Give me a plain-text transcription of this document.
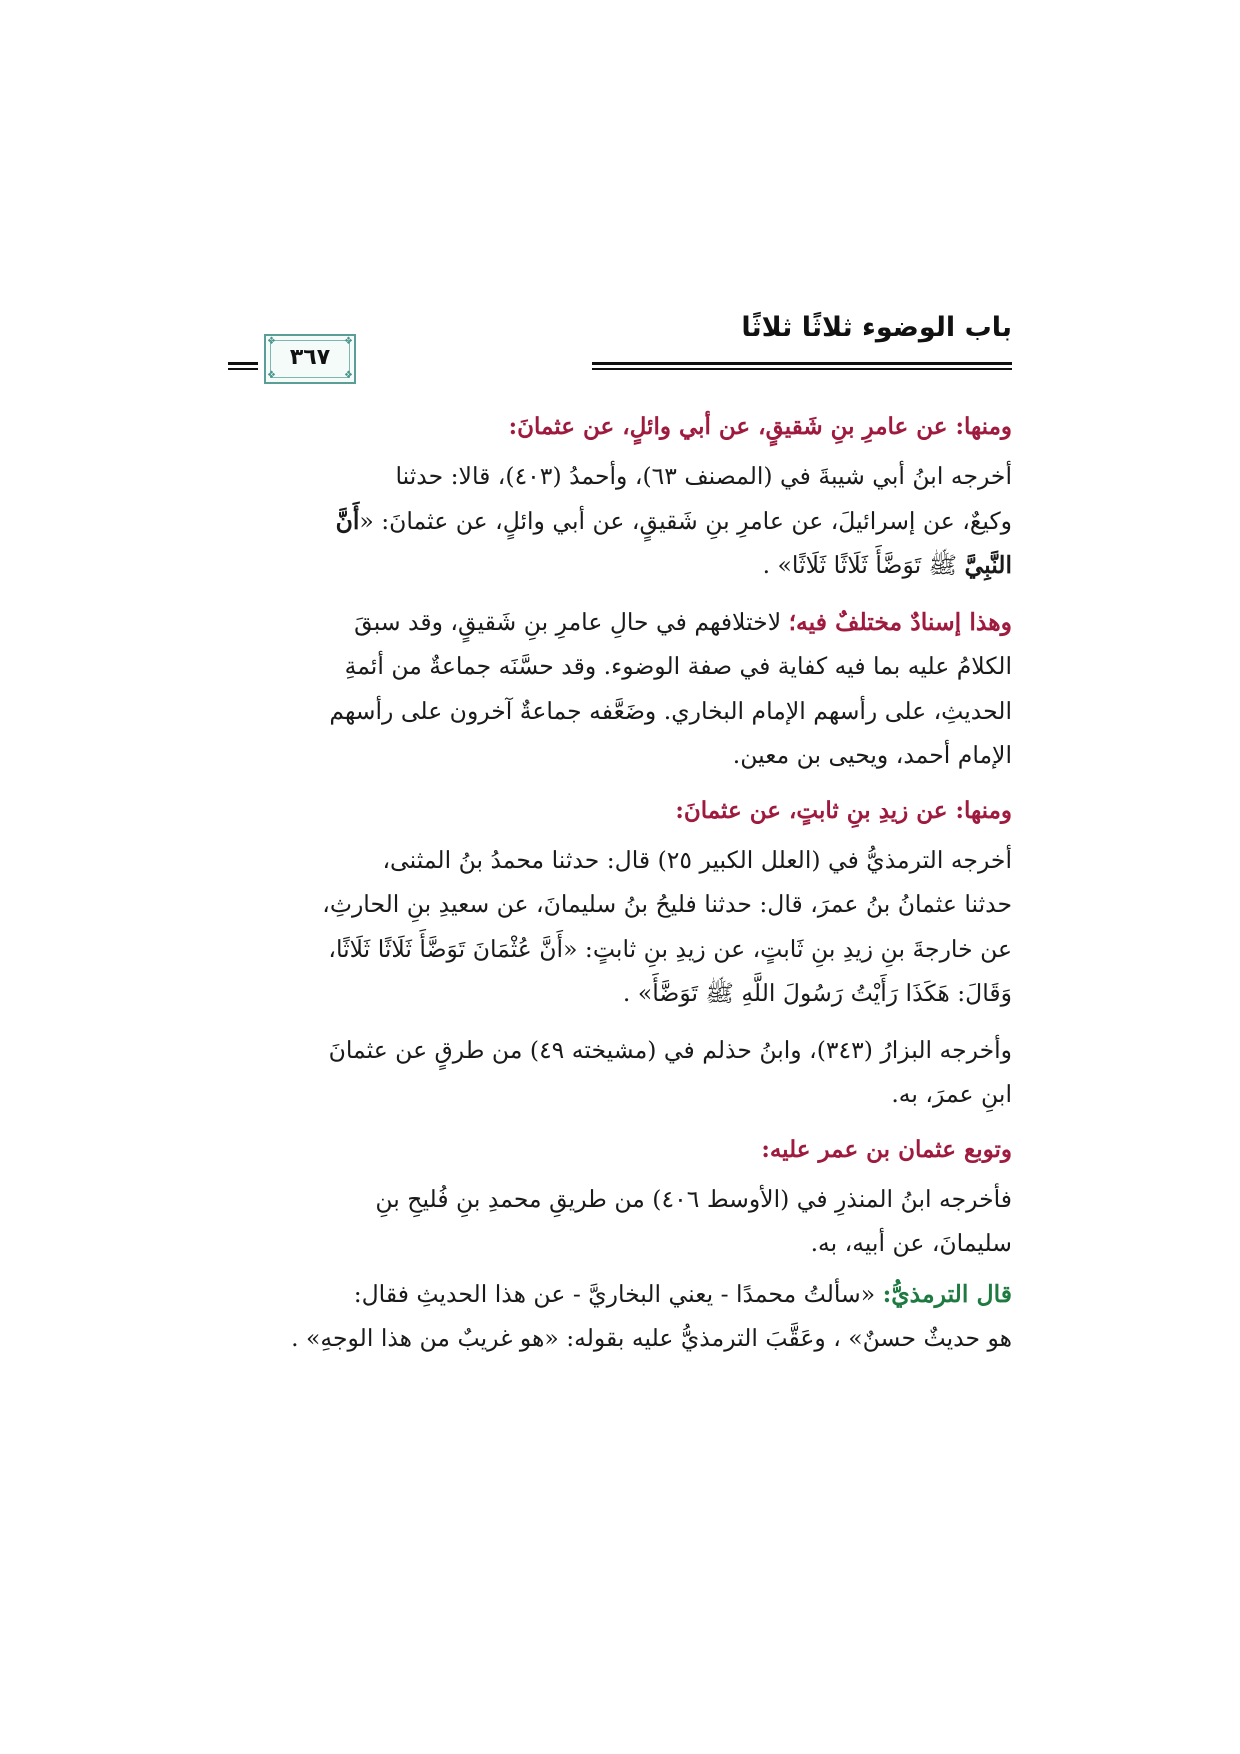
باب الوضوء ثلاثًا ثلاثًا
❖	❖
❖	❖
٣٦٧
ومنها: عن عامرِ بنِ شَقيقٍ، عن أبي وائلٍ، عن عثمانَ:

أخرجه ابنُ أبي شيبةَ في (المصنف ٦٣)، وأحمدُ (٤٠٣)، قالا: حدثنا
وكيعٌ، عن إسرائيلَ، عن عامرِ بنِ شَقيقٍ، عن أبي وائلٍ، عن عثمانَ: «أَنَّ
النَّبِيَّ ﷺ تَوَضَّأَ ثَلَاثًا ثَلَاثًا» .

وهذا إسنادٌ مختلفٌ فيه؛ لاختلافهم في حالِ عامرِ بنِ شَقيقٍ، وقد سبقَ
الكلامُ عليه بما فيه كفاية في صفة الوضوء. وقد حسَّنَه جماعةٌ من أئمةِ
الحديثِ، على رأسهم الإمام البخاري. وضَعَّفه جماعةٌ آخرون على رأسهم
الإمام أحمد، ويحيى بن معين.

ومنها: عن زيدِ بنِ ثابتٍ، عن عثمانَ:

أخرجه الترمذيُّ في (العلل الكبير ٢٥) قال: حدثنا محمدُ بنُ المثنى،
حدثنا عثمانُ بنُ عمرَ، قال: حدثنا فليحُ بنُ سليمانَ، عن سعيدِ بنِ الحارثِ،
عن خارجةَ بنِ زيدِ بنِ ثَابتٍ، عن زيدِ بنِ ثابتٍ: «أَنَّ عُثْمَانَ تَوَضَّأَ ثَلَاثًا ثَلَاثًا،
وَقَالَ: هَكَذَا رَأَيْتُ رَسُولَ اللَّهِ ﷺ تَوَضَّأَ» .

وأخرجه البزارُ (٣٤٣)، وابنُ حذلم في (مشيخته ٤٩) من طرقٍ عن عثمانَ
ابنِ عمرَ، به.

وتوبع عثمان بن عمر عليه:

فأخرجه ابنُ المنذرِ في (الأوسط ٤٠٦) من طريقِ محمدِ بنِ فُليحِ بنِ
سليمانَ، عن أبيه، به.

قال الترمذيُّ: «سألتُ محمدًا - يعني البخاريَّ - عن هذا الحديثِ فقال:
هو حديثٌ حسنٌ» ، وعَقَّبَ الترمذيُّ عليه بقوله: «هو غريبٌ من هذا الوجهِ» .
